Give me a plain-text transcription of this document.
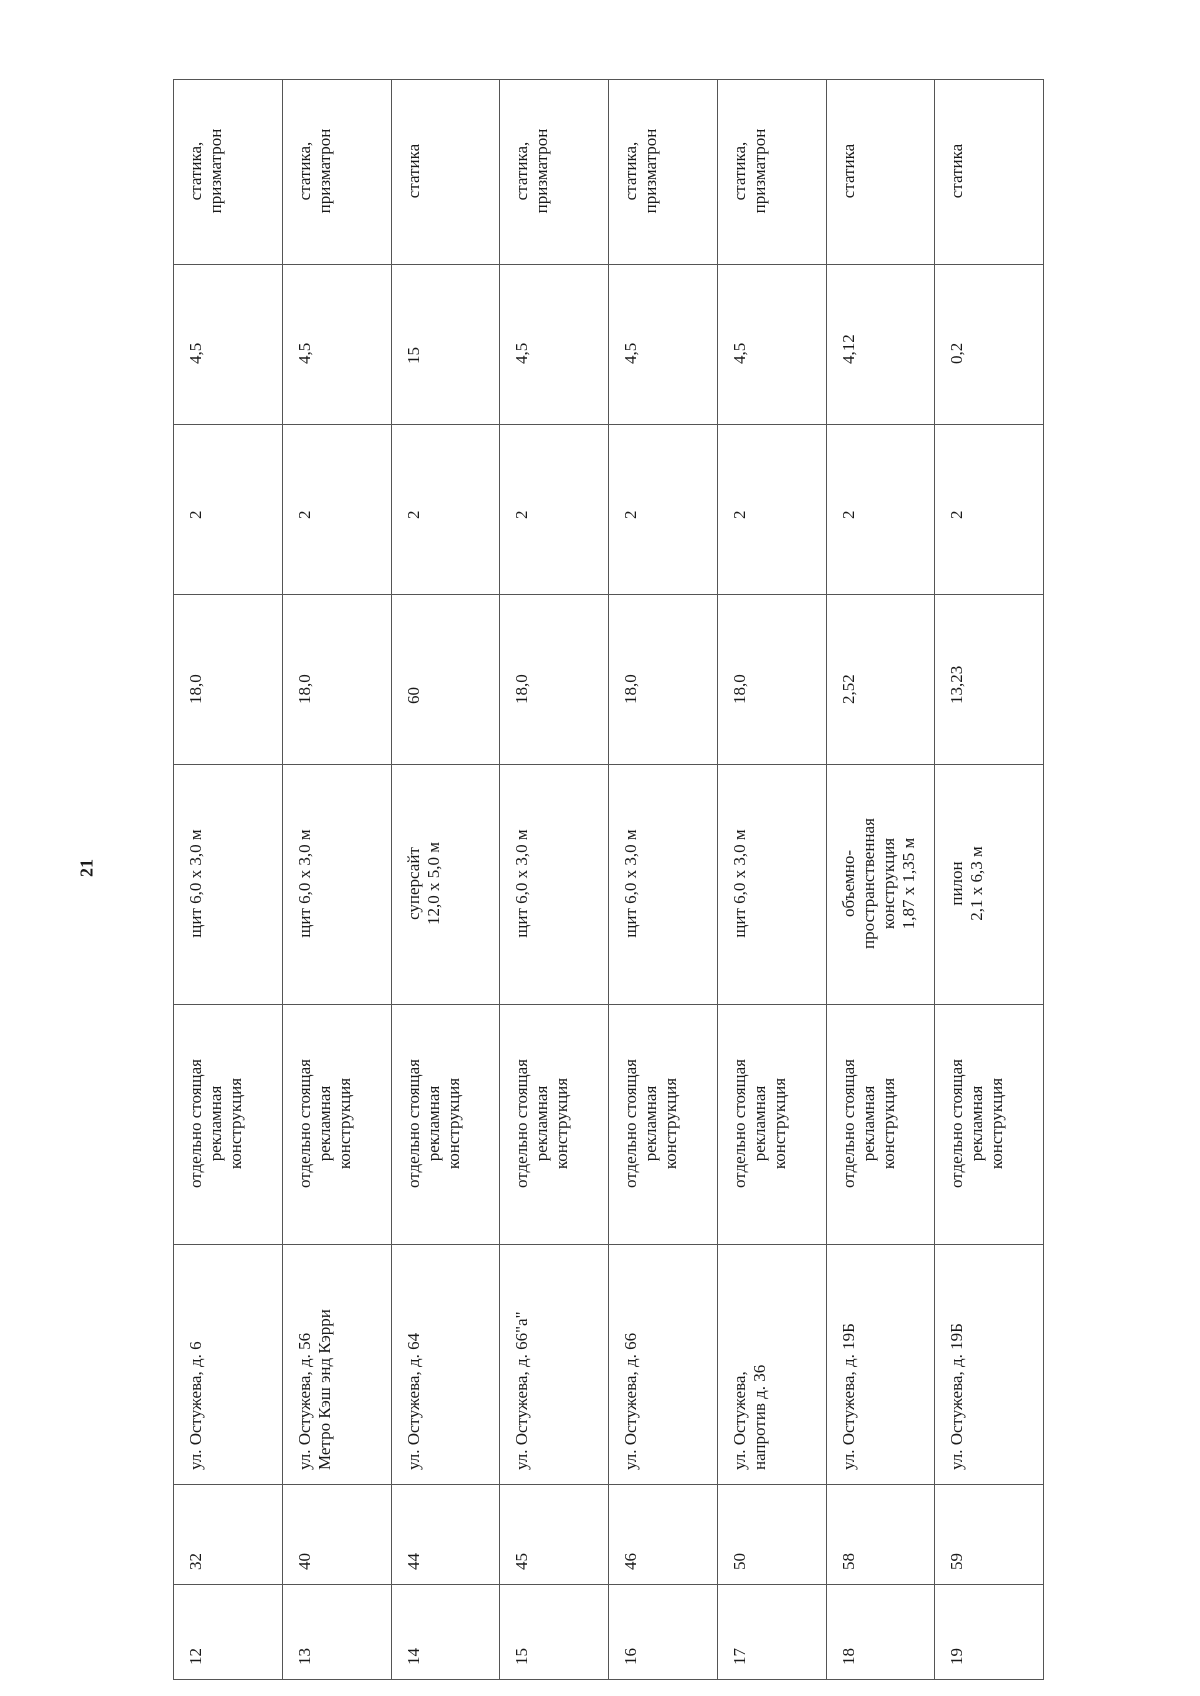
21
12	32	ул. Остужева, д. 6	отдельно стоящая
рекламная
конструкция	щит 6,0 х 3,0 м	18,0	2	4,5	статика,
призматрон
13	40	ул. Остужева, д. 56
Метро Кэш энд Кэрри	отдельно стоящая
рекламная
конструкция	щит 6,0 х 3,0 м	18,0	2	4,5	статика,
призматрон
14	44	ул. Остужева, д. 64	отдельно стоящая
рекламная
конструкция	суперсайт
12,0 х 5,0 м	60	2	15	статика
15	45	ул. Остужева, д. 66"а"	отдельно стоящая
рекламная
конструкция	щит 6,0 х 3,0 м	18,0	2	4,5	статика,
призматрон
16	46	ул. Остужева, д. 66	отдельно стоящая
рекламная
конструкция	щит 6,0 х 3,0 м	18,0	2	4,5	статика,
призматрон
17	50	ул. Остужева,
напротив д. 36	отдельно стоящая
рекламная
конструкция	щит 6,0 х 3,0 м	18,0	2	4,5	статика,
призматрон
18	58	ул. Остужева, д. 19Б	отдельно стоящая
рекламная
конструкция	объемно-
пространственная
конструкция
1,87 х 1,35 м	2,52	2	4,12	статика
19	59	ул. Остужева, д. 19Б	отдельно стоящая
рекламная
конструкция	пилон
2,1 х 6,3 м	13,23	2	0,2	статика
